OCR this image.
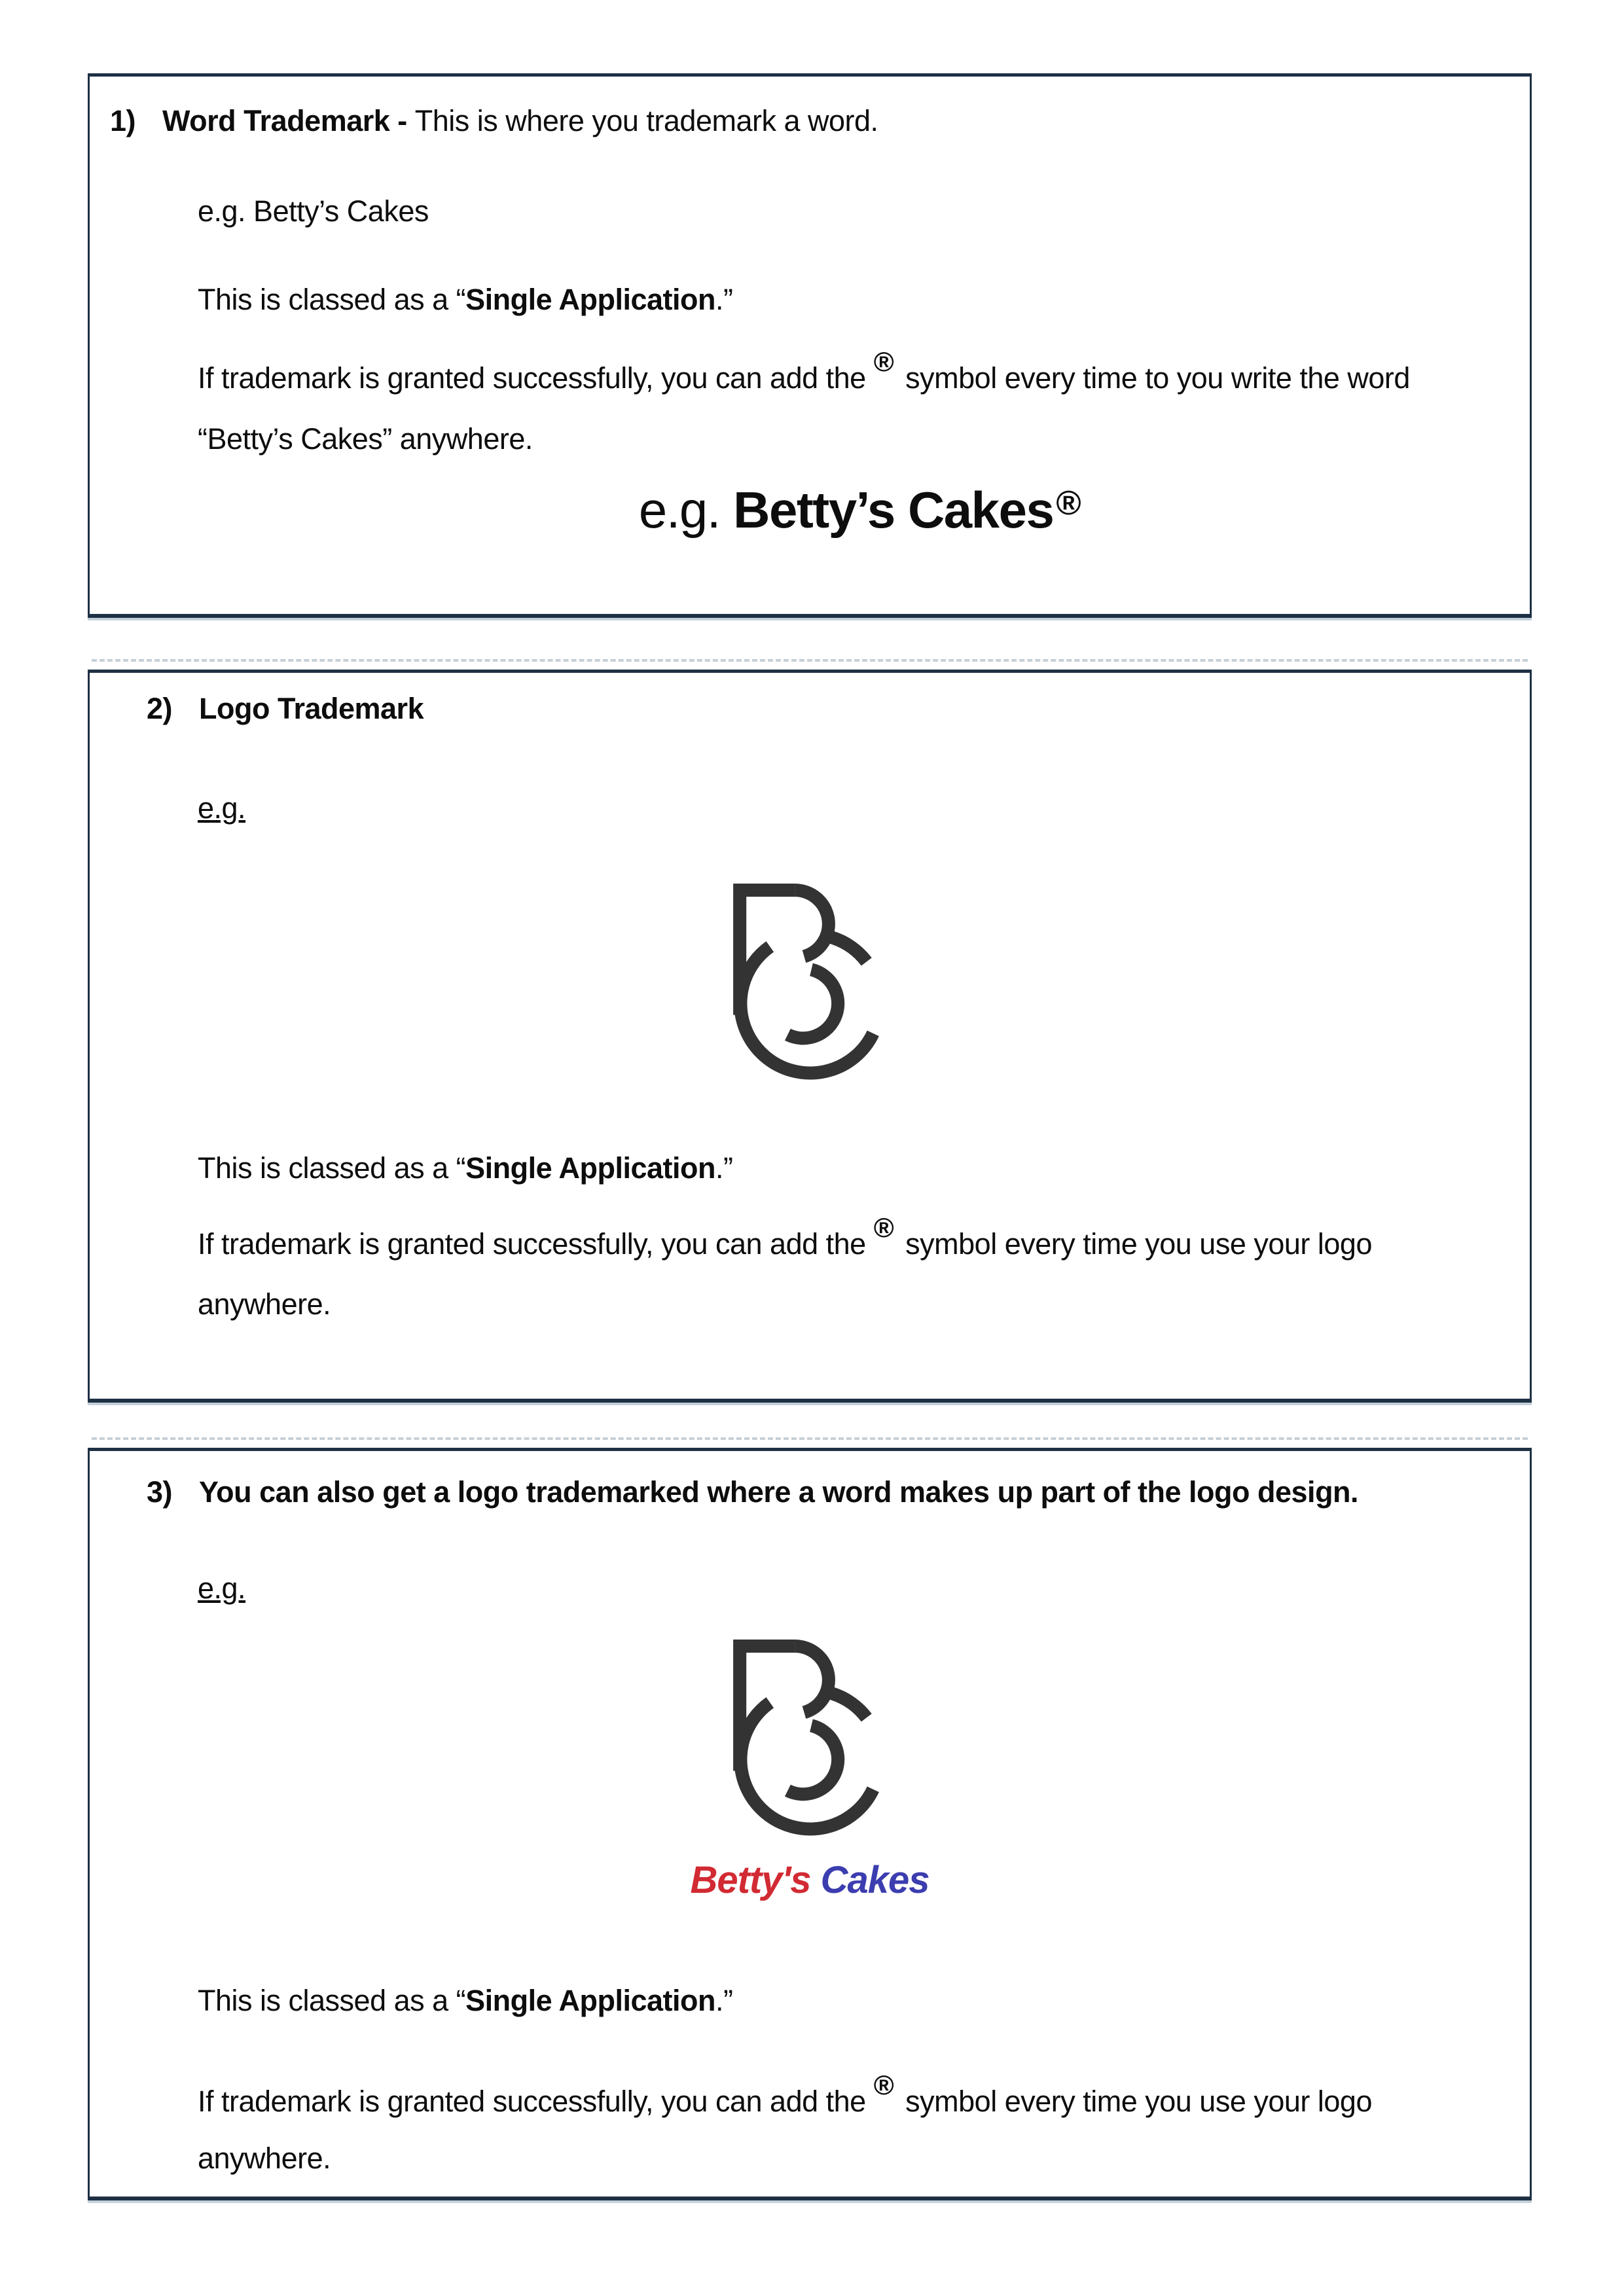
1) Word Trademark - This is where you trademark a word.
e.g. Betty’s Cakes
This is classed as a “Single Application.”
If trademark is granted successfully, you can add the ® symbol every time to you write the word
“Betty’s Cakes” anywhere.
e.g. Betty’s Cakes®
2) Logo Trademark
e.g.
This is classed as a “Single Application.”
If trademark is granted successfully, you can add the ® symbol every time you use your logo
anywhere.
3) You can also get a logo trademarked where a word makes up part of the logo design.
e.g.
Betty's Cakes
This is classed as a “Single Application.”
If trademark is granted successfully, you can add the ® symbol every time you use your logo
anywhere.
